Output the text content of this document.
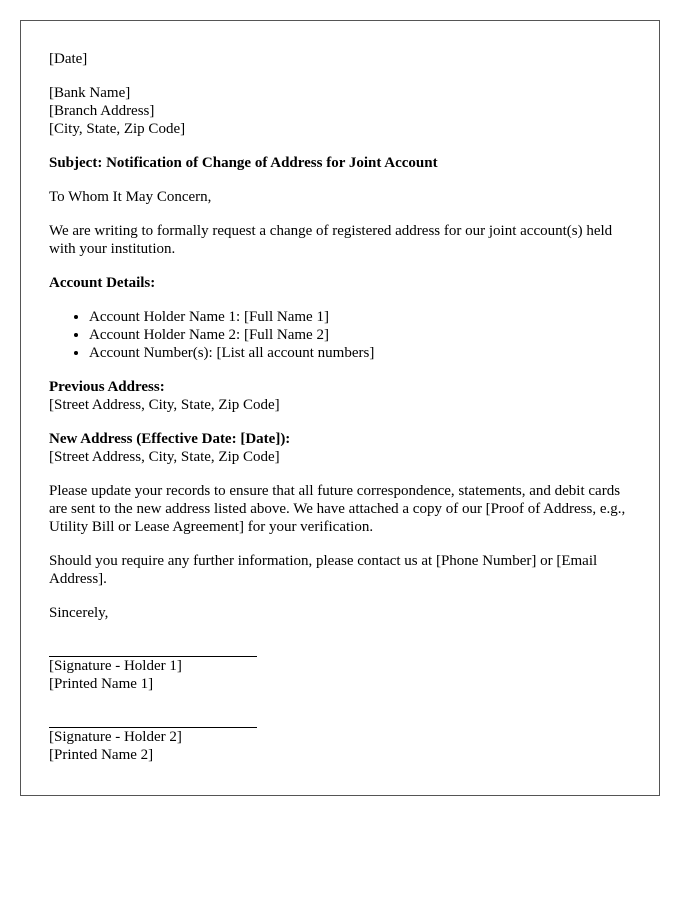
[Date]

[Bank Name]
[Branch Address]
[City, State, Zip Code]

Subject: Notification of Change of Address for Joint Account

To Whom It May Concern,

We are writing to formally request a change of registered address for our joint account(s) held with your institution.

Account Details:

• Account Holder Name 1: [Full Name 1]
• Account Holder Name 2: [Full Name 2]
• Account Number(s): [List all account numbers]
Previous Address:
[Street Address, City, State, Zip Code]
New Address (Effective Date: [Date]):
[Street Address, City, State, Zip Code]

Please update your records to ensure that all future correspondence, statements, and debit cards are sent to the new address listed above. We have attached a copy of our [Proof of Address, e.g., Utility Bill or Lease Agreement] for your verification.

Should you require any further information, please contact us at [Phone Number] or [Email Address].

Sincerely,

[Signature - Holder 1]
[Printed Name 1]
[Signature - Holder 2]
[Printed Name 2]
